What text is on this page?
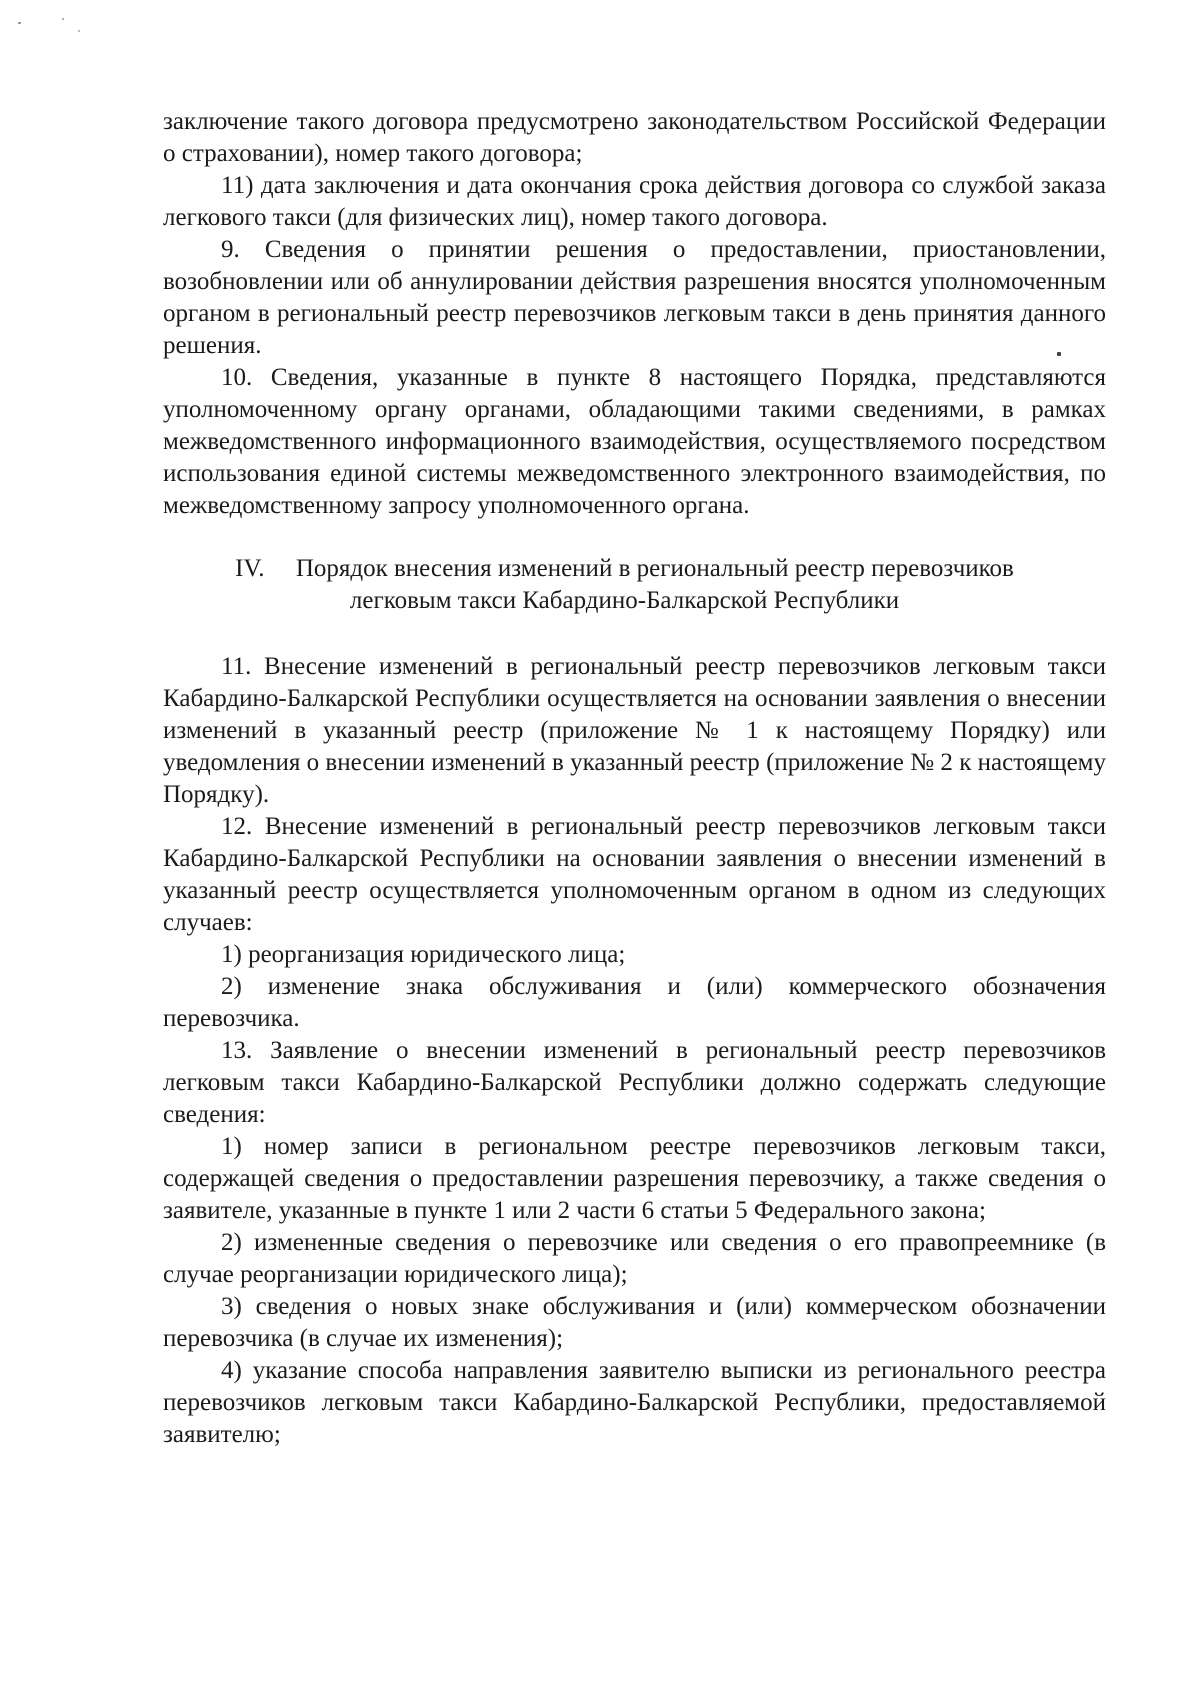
заключение такого договора предусмотрено законодательством Российской Федерации о страховании), номер такого договора;

11) дата заключения и дата окончания срока действия договора со службой заказа легкового такси (для физических лиц), номер такого договора.

9. Сведения о принятии решения о предоставлении, приостановлении, возобновлении или об аннулировании действия разрешения вносятся уполномоченным органом в региональный реестр перевозчиков легковым такси в день принятия данного решения.

10. Сведения, указанные в пункте 8 настоящего Порядка, представляются уполномоченному органу органами, обладающими такими сведениями, в рамках межведомственного информационного взаимодействия, осуществляемого посредством использования единой системы межведомственного электронного взаимодействия, по межведомственному запросу уполномоченного органа.

IV. Порядок внесения изменений в региональный реестр перевозчиков
легковым такси Кабардино-Балкарской Республики

11. Внесение изменений в региональный реестр перевозчиков легковым такси Кабардино-Балкарской Республики осуществляется на основании заявления о внесении изменений в указанный реестр (приложение № 1 к настоящему Порядку) или уведомления о внесении изменений в указанный реестр (приложение № 2 к настоящему Порядку).

12. Внесение изменений в региональный реестр перевозчиков легковым такси Кабардино-Балкарской Республики на основании заявления о внесении изменений в указанный реестр осуществляется уполномоченным органом в одном из следующих случаев:

1) реорганизация юридического лица;

2) изменение знака обслуживания и (или) коммерческого обозначения перевозчика.

13. Заявление о внесении изменений в региональный реестр перевозчиков легковым такси Кабардино-Балкарской Республики должно содержать следующие сведения:

1) номер записи в региональном реестре перевозчиков легковым такси, содержащей сведения о предоставлении разрешения перевозчику, а также сведения о заявителе, указанные в пункте 1 или 2 части 6 статьи 5 Федерального закона;

2) измененные сведения о перевозчике или сведения о его правопреемнике (в случае реорганизации юридического лица);

3) сведения о новых знаке обслуживания и (или) коммерческом обозначении перевозчика (в случае их изменения);

4) указание способа направления заявителю выписки из регионального реестра перевозчиков легковым такси Кабардино-Балкарской Республики, предоставляемой заявителю;
